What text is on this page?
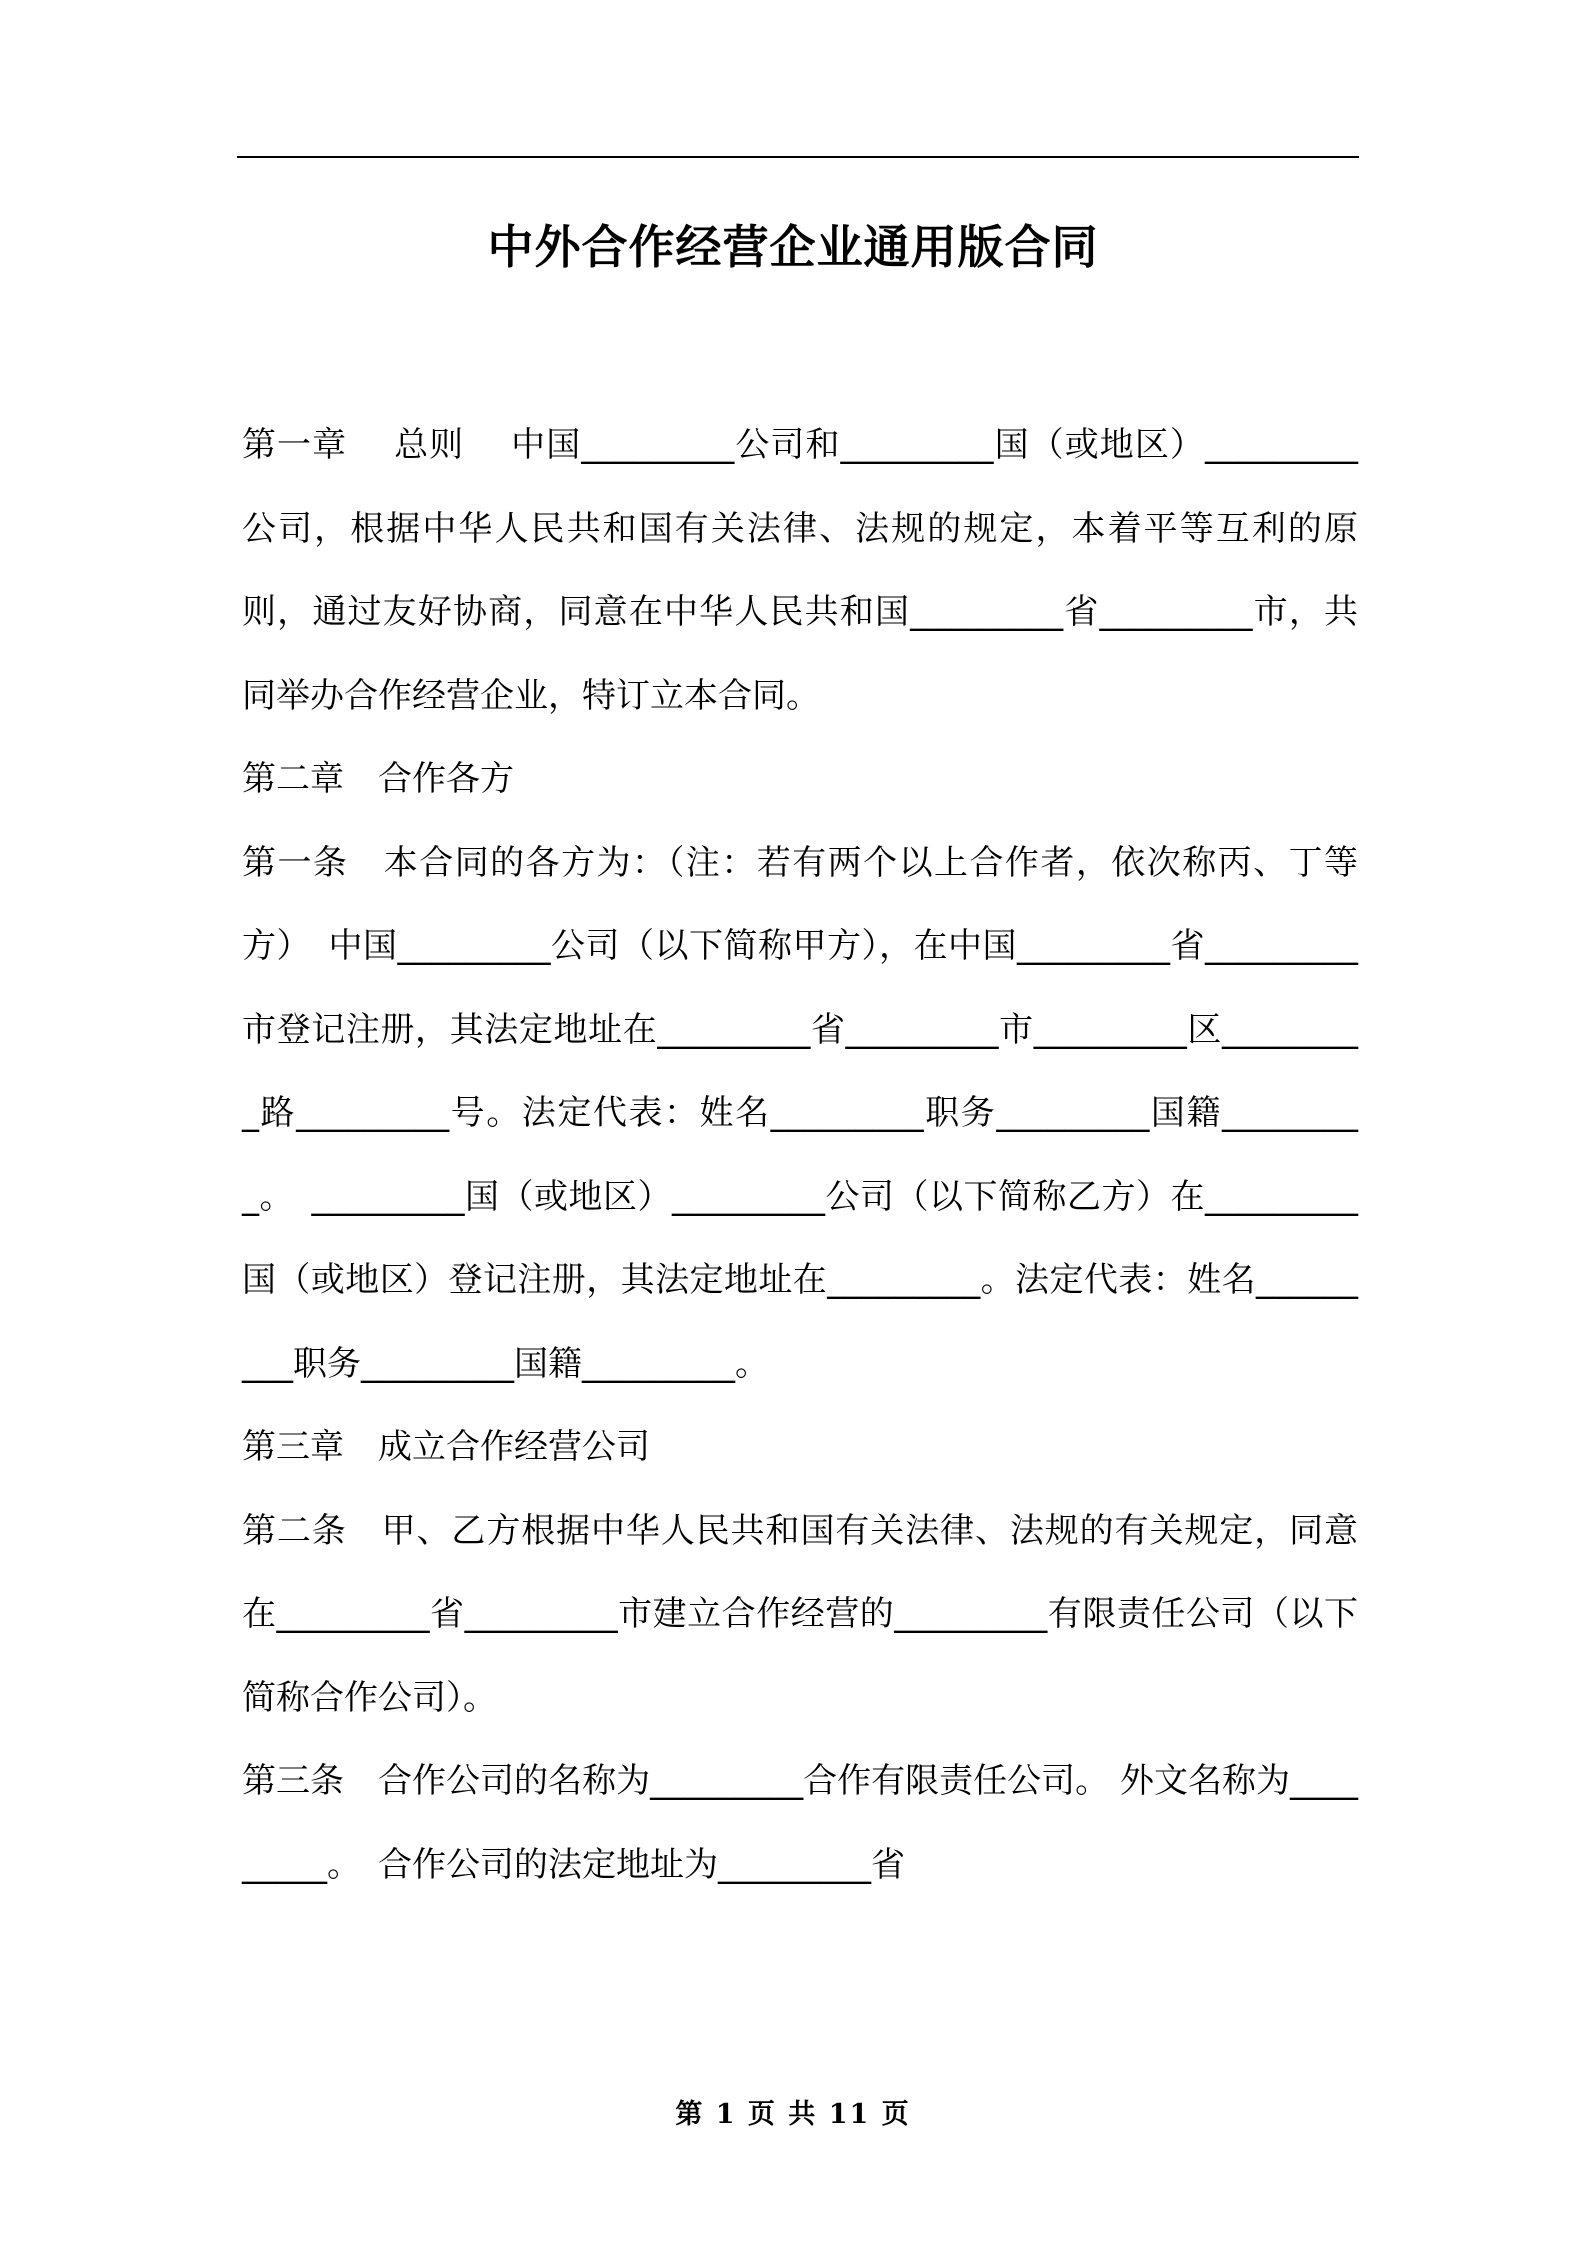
中外合作经营企业通用版合同

第一章　 总则　 中国_________公司和_________国（或地区）_________公司，根据中华人民共和国有关法律、法规的规定，本着平等互利的原则，通过友好协商，同意在中华人民共和国_________省_________市，共同举办合作经营企业，特订立本合同。

第二章　合作各方

第一条　本合同的各方为：（注：若有两个以上合作者，依次称丙、丁等方）　中国_________公司（以下简称甲方），在中国_________省_________市登记注册，其法定地址在_________省_________市_________区_________路_________号。法定代表：姓名_________职务_________国籍_________。　_________国（或地区）_________公司（以下简称乙方）在_________国（或地区）登记注册，其法定地址在_________。法定代表：姓名_________职务_________国籍_________。

第三章　成立合作经营公司

第二条　甲、乙方根据中华人民共和国有关法律、法规的有关规定，同意在_________省_________市建立合作经营的_________有限责任公司（以下简称合作公司）。

第三条　合作公司的名称为_________合作有限责任公司。 外文名称为_________。　合作公司的法定地址为_________省

第 1 页 共 11 页
